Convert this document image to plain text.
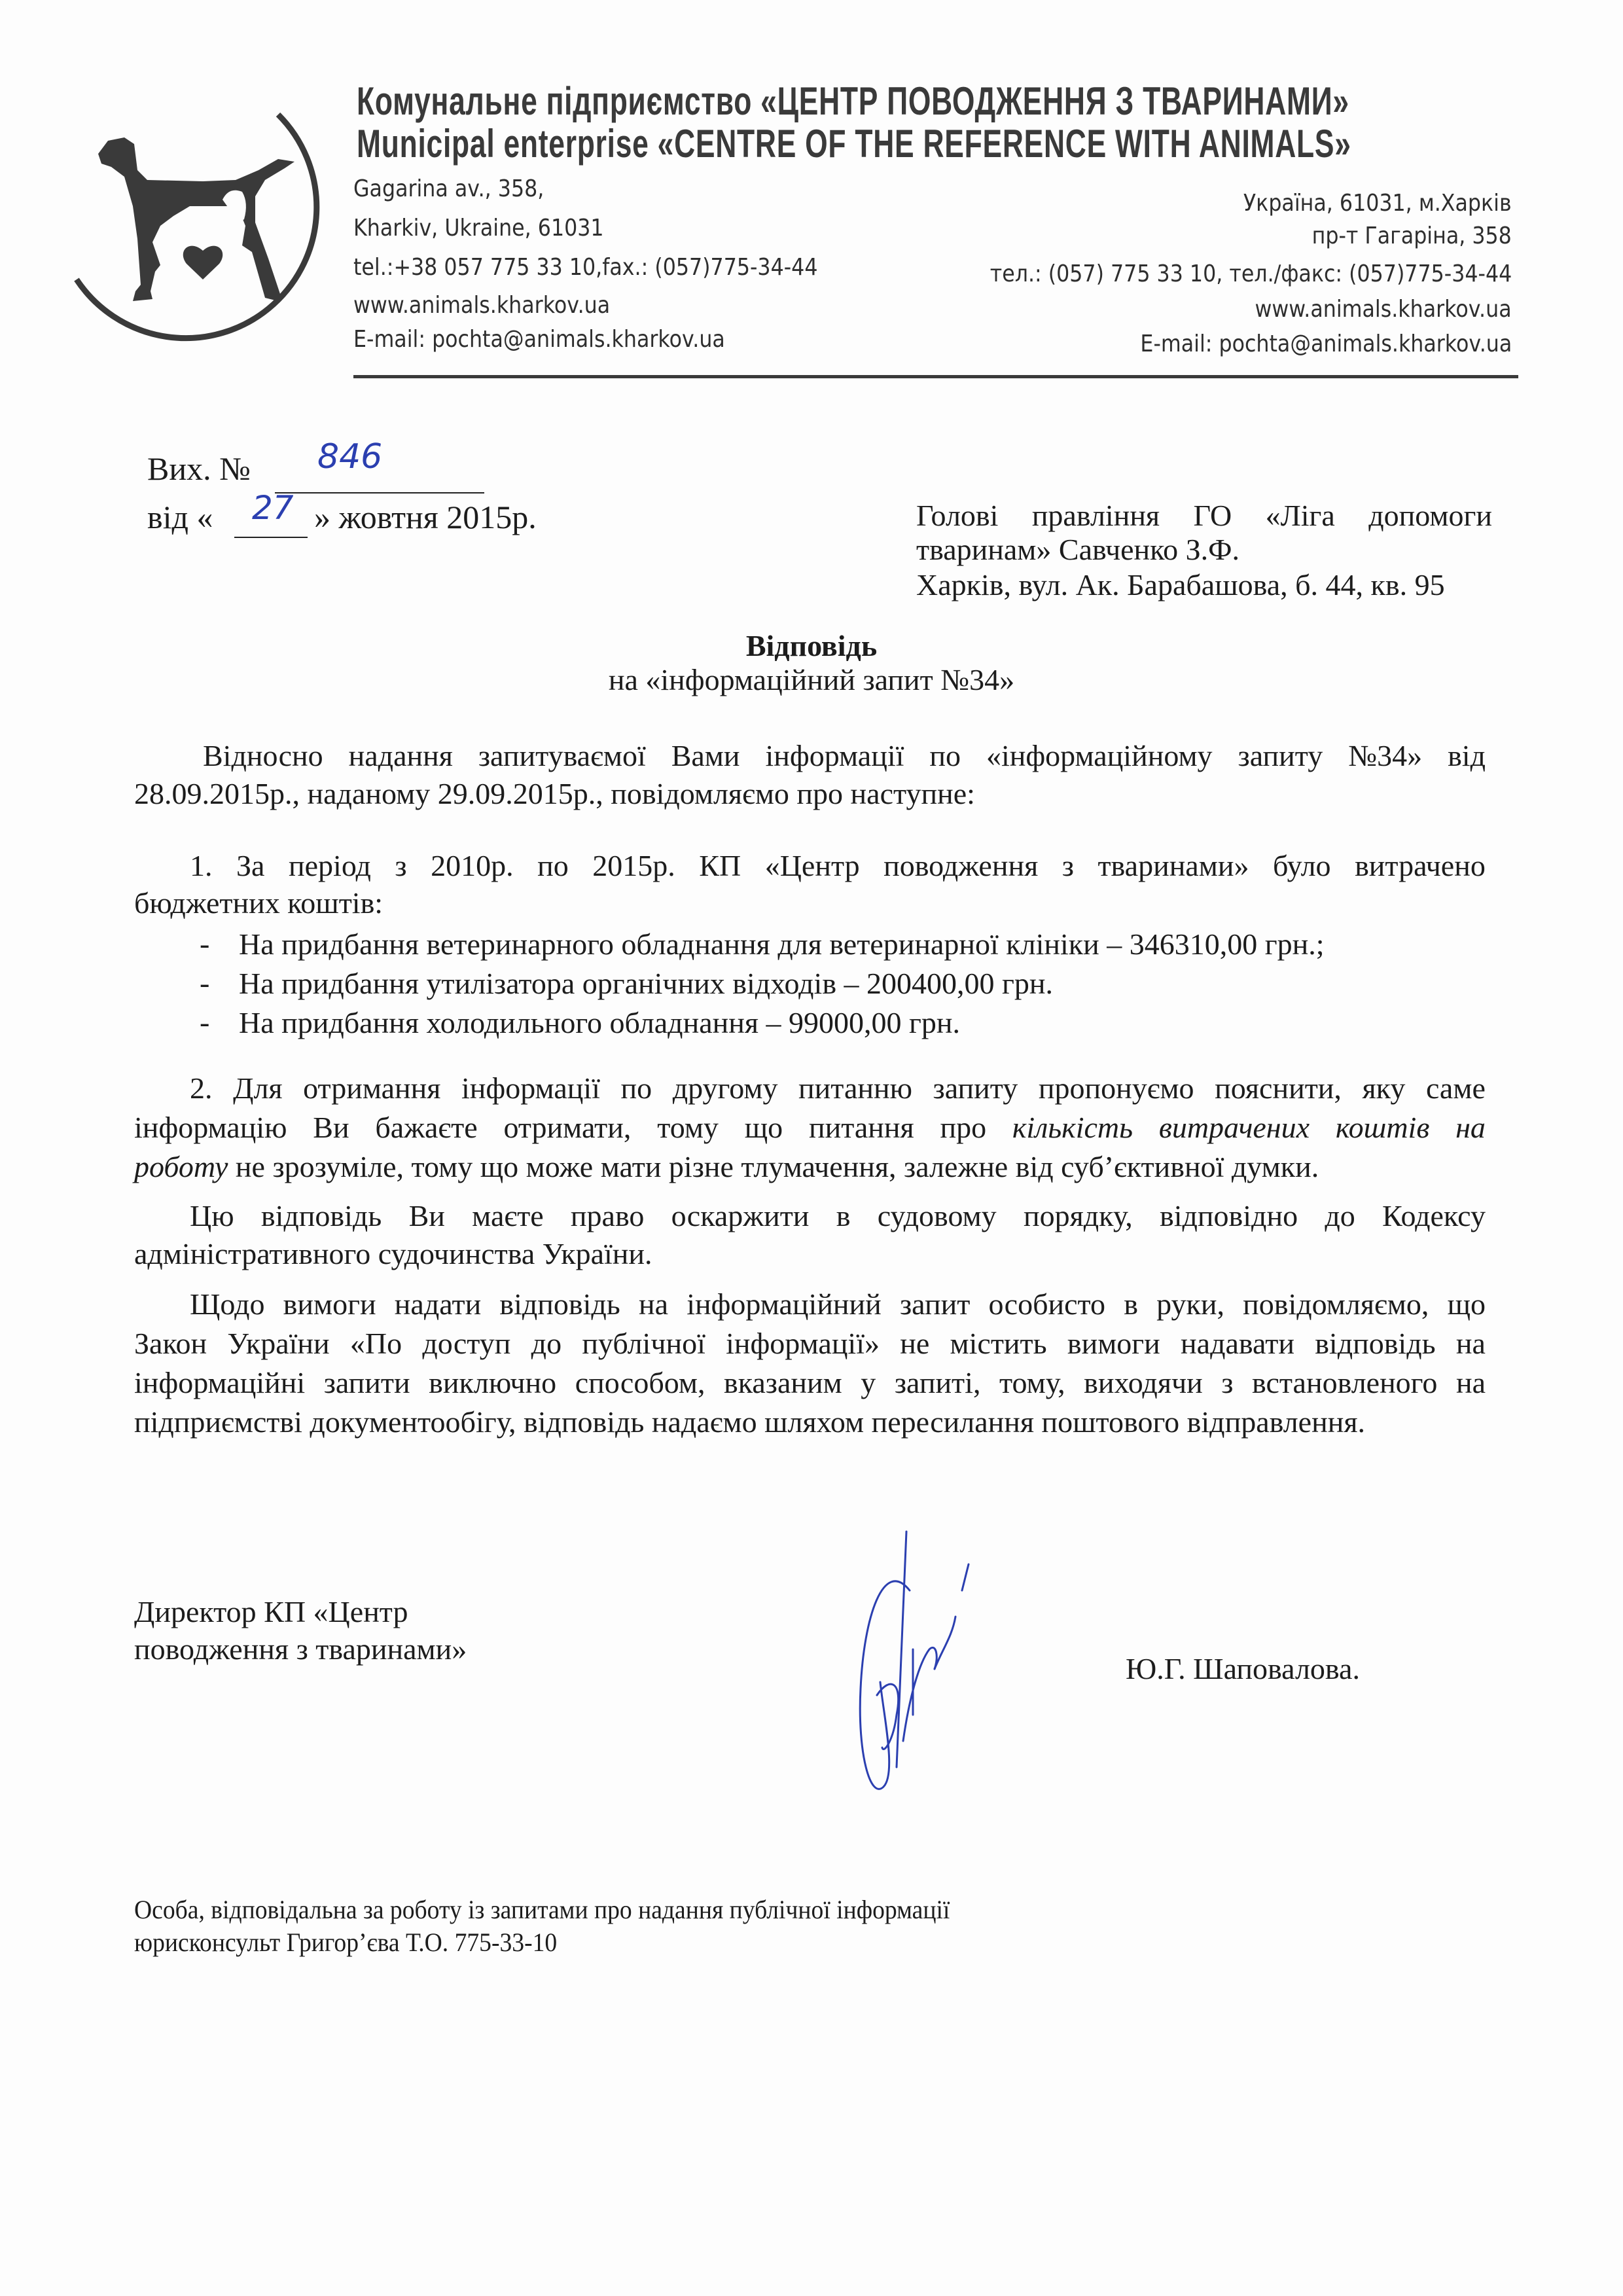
Комунальне підприємство «ЦЕНТР ПОВОДЖЕННЯ З ТВАРИНАМИ»
Municipal enterprise «CENTRE OF THE REFERENCE WITH ANIMALS»
Gagarina av., 358,
Kharkiv, Ukraine, 61031
tel.:+38 057 775 33 10,fax.: (057)775-34-44
www.animals.kharkov.ua
E-mail: pochta@animals.kharkov.ua
Україна, 61031, м.Харків
пр-т Гагаріна, 358
тел.: (057) 775 33 10, тел./факс: (057)775-34-44
www.animals.kharkov.ua
E-mail: pochta@animals.kharkov.ua
Вих. № 846
від « 27 » жовтня 2015р.	Голові правління ГО «Ліга допомоги
тваринам» Савченко З.Ф.
Харків, вул. Ак. Барабашова, б. 44, кв. 95
Відповідь
на «інформаційний запит №34»
Відносно надання запитуваємої Вами інформації по «інформаційному запиту №34» від
28.09.2015р., наданому 29.09.2015р., повідомляємо про наступне:
1. За період з 2010р. по 2015р. КП «Центр поводження з тваринами» було витрачено
бюджетних коштів:
- На придбання ветеринарного обладнання для ветеринарної клініки – 346310,00 грн.;
- На придбання утилізатора органічних відходів – 200400,00 грн.
- На придбання холодильного обладнання – 99000,00 грн.
2. Для отримання інформації по другому питанню запиту пропонуємо пояснити, яку саме
інформацію Ви бажаєте отримати, тому що питання про кількість витрачених коштів на
роботу не зрозуміле, тому що може мати різне тлумачення, залежне від суб’єктивної думки.
Цю відповідь Ви маєте право оскаржити в судовому порядку, відповідно до Кодексу
адміністративного судочинства України.
Щодо вимоги надати відповідь на інформаційний запит особисто в руки, повідомляємо, що
Закон України «По доступ до публічної інформації» не містить вимоги надавати відповідь на
інформаційні запити виключно способом, вказаним у запиті, тому, виходячи з встановленого на
підприємстві документообігу, відповідь надаємо шляхом пересилання поштового відправлення.
Директор КП «Центр
поводження з тваринами»
Ю.Г. Шаповалова.
Особа, відповідальна за роботу із запитами про надання публічної інформації
юрисконсульт Григор’єва Т.О. 775-33-10
